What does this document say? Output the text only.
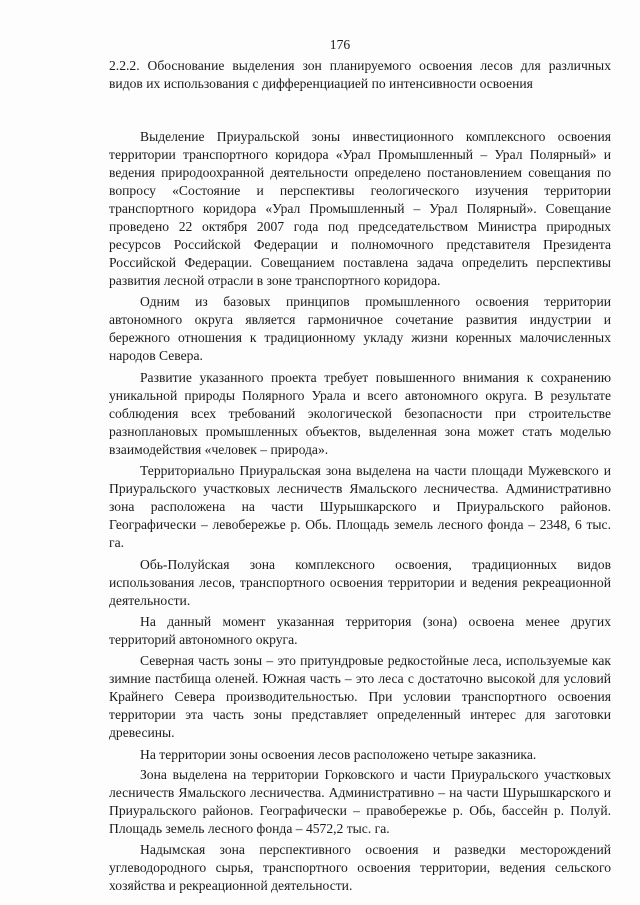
176
2.2.2. Обоснование выделения зон планируемого освоения лесов для различных видов их использования с дифференциацией по интенсивности освоения

Выделение Приуральской зоны инвестиционного комплексного освоения территории транспортного коридора «Урал Промышленный – Урал Полярный» и ведения природоохранной деятельности определено постановлением совещания по вопросу «Состояние и перспективы геологического изучения территории транспортного коридора «Урал Промышленный – Урал Полярный». Совещание проведено 22 октября 2007 года под председательством Министра природных ресурсов Российской Федерации и полномочного представителя Президента Российской Федерации. Совещанием поставлена задача определить перспективы развития лесной отрасли в зоне транспортного коридора.

Одним из базовых принципов промышленного освоения территории автономного округа является гармоничное сочетание развития индустрии и бережного отношения к традиционному укладу жизни коренных малочисленных народов Севера.

Развитие указанного проекта требует повышенного внимания к сохранению уникальной природы Полярного Урала и всего автономного округа. В результате соблюдения всех требований экологической безопасности при строительстве разноплановых промышленных объектов, выделенная зона может стать моделью взаимодействия «человек – природа».

Территориально Приуральская зона выделена на части площади Мужевского и Приуральского участковых лесничеств Ямальского лесничества. Административно зона расположена на части Шурышкарского и Приуральского районов. Географически – левобережье р. Обь. Площадь земель лесного фонда – 2348, 6 тыс. га.

Обь-Полуйская зона комплексного освоения, традиционных видов использования лесов, транспортного освоения территории и ведения рекреационной деятельности.

На данный момент указанная территория (зона) освоена менее других территорий автономного округа.

Северная часть зоны – это притундровые редкостойные леса, используемые как зимние пастбища оленей. Южная часть – это леса с достаточно высокой для условий Крайнего Севера производительностью. При условии транспортного освоения территории эта часть зоны представляет определенный интерес для заготовки древесины.

На территории зоны освоения лесов расположено четыре заказника.

Зона выделена на территории Горковского и части Приуральского участковых лесничеств Ямальского лесничества. Административно – на части Шурышкарского и Приуральского районов. Географически – правобережье р. Обь, бассейн р. Полуй. Площадь земель лесного фонда – 4572,2 тыс. га.

Надымская зона перспективного освоения и разведки месторождений углеводородного сырья, транспортного освоения территории, ведения сельского хозяйства и рекреационной деятельности.
